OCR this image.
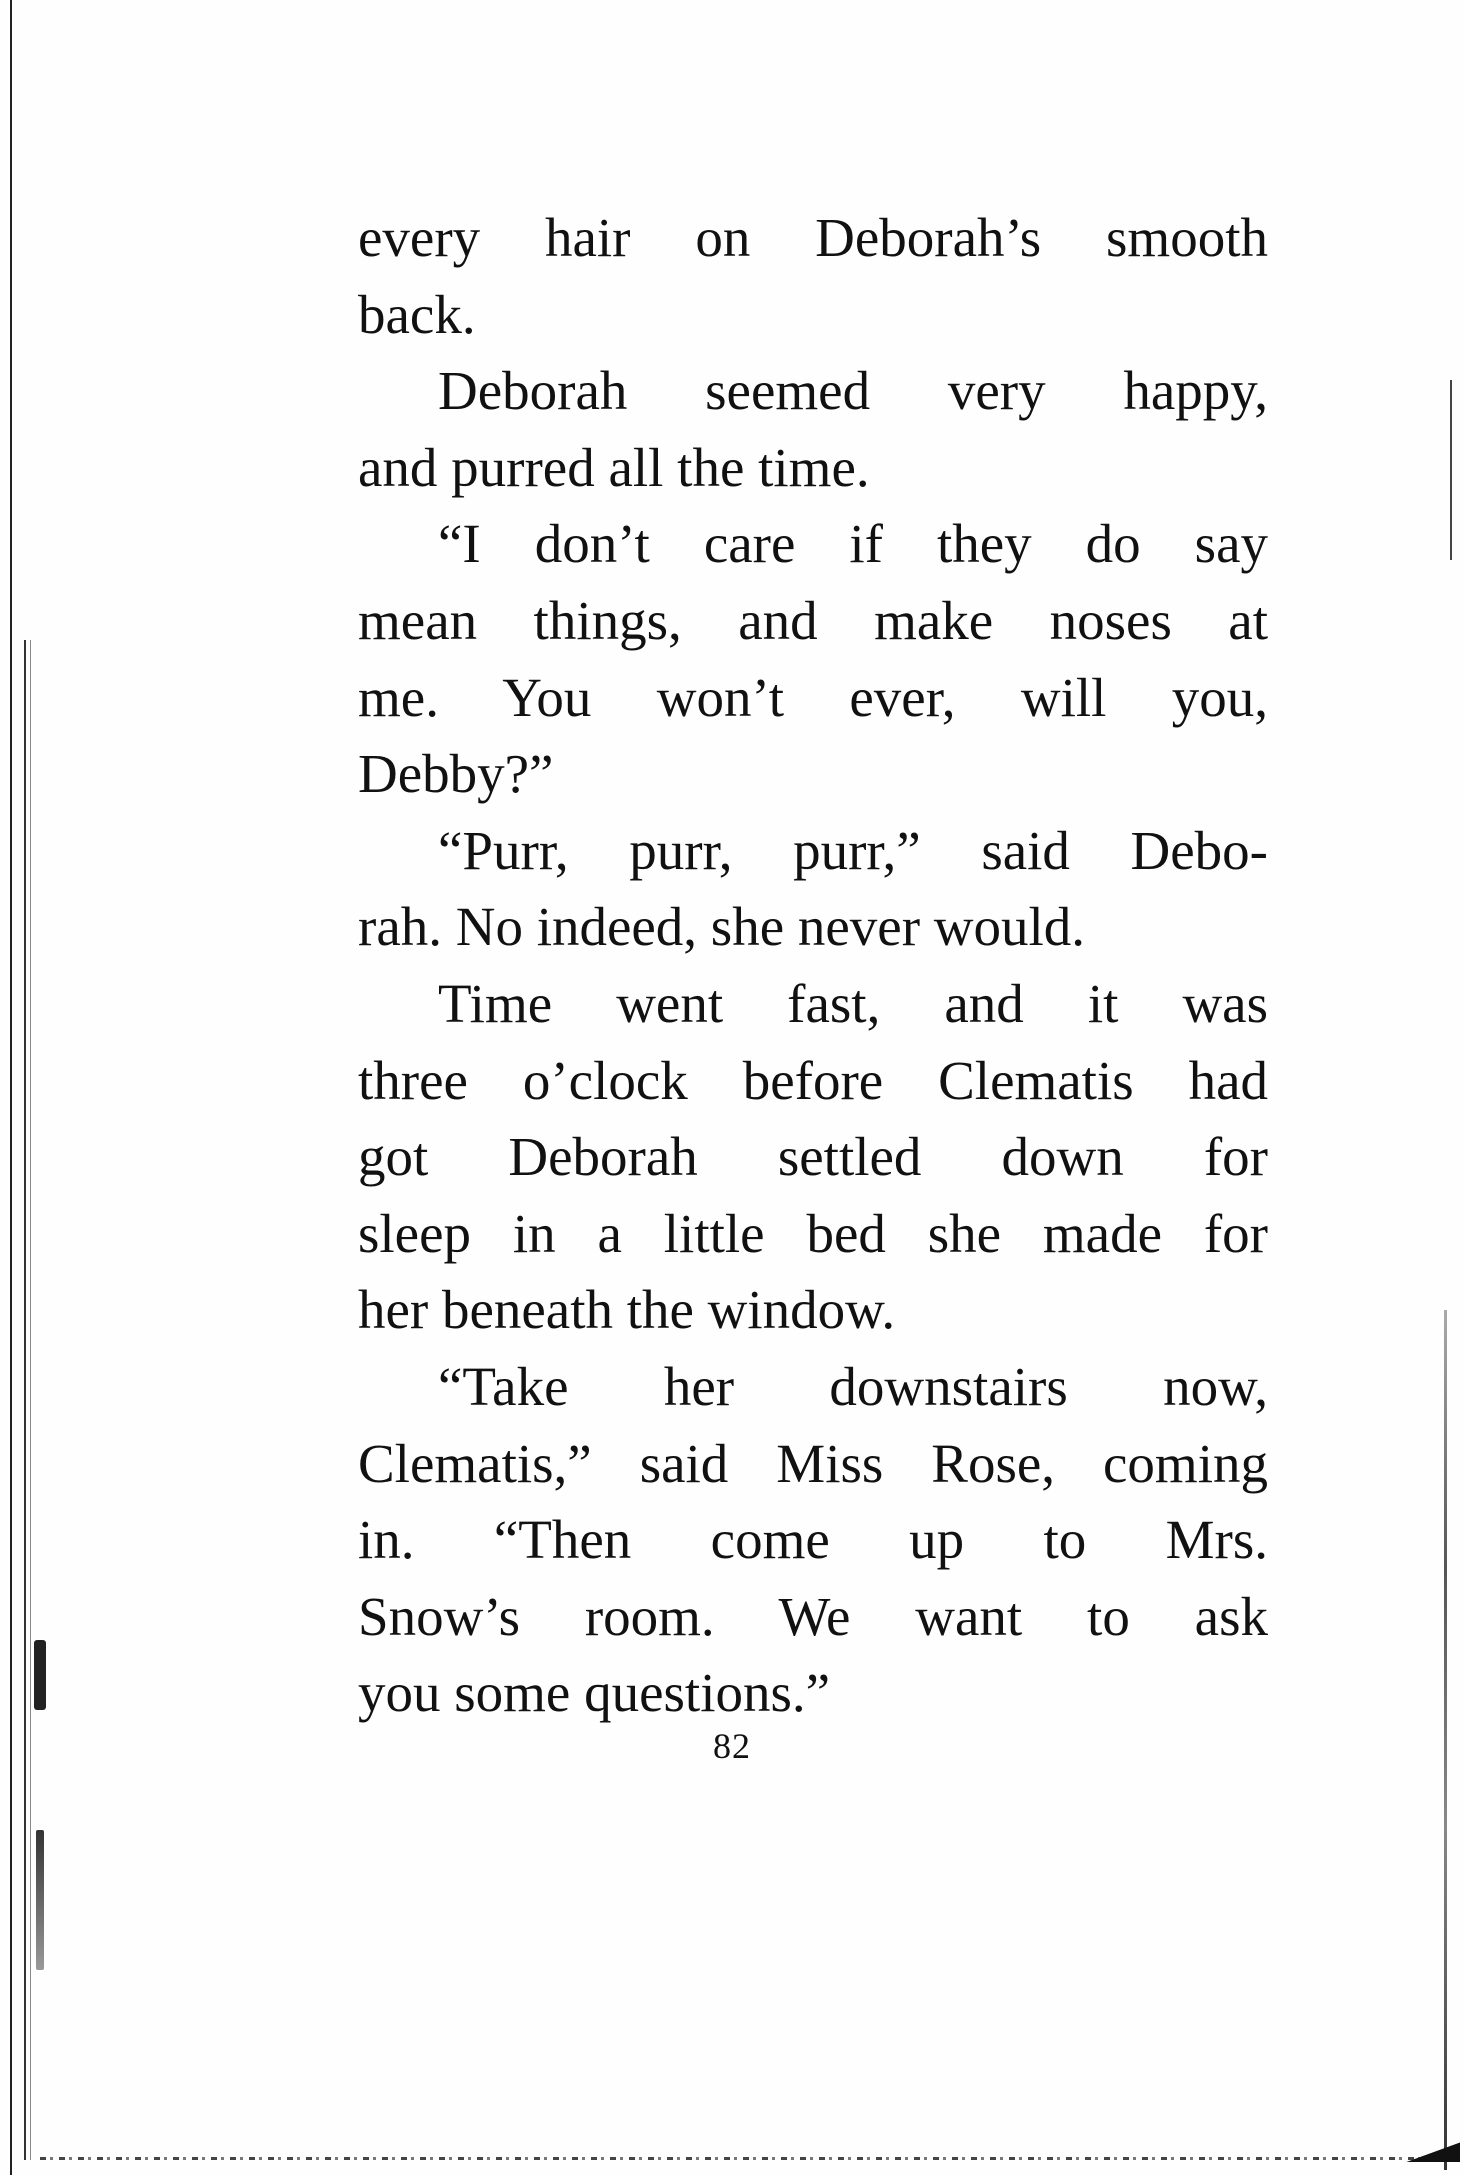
every hair on Deborah’s smooth
back.
Deborah seemed very happy,
and purred all the time.
“I don’t care if they do say
mean things, and make noses at
me. You won’t ever, will you,
Debby?”
“Purr, purr, purr,” said Debo-
rah. No indeed, she never would.
Time went fast, and it was
three o’clock before Clematis had
got Deborah settled down for
sleep in a little bed she made for
her beneath the window.
“Take her downstairs now,
Clematis,” said Miss Rose, coming
in. “Then come up to Mrs.
Snow’s room. We want to ask
you some questions.”
82
